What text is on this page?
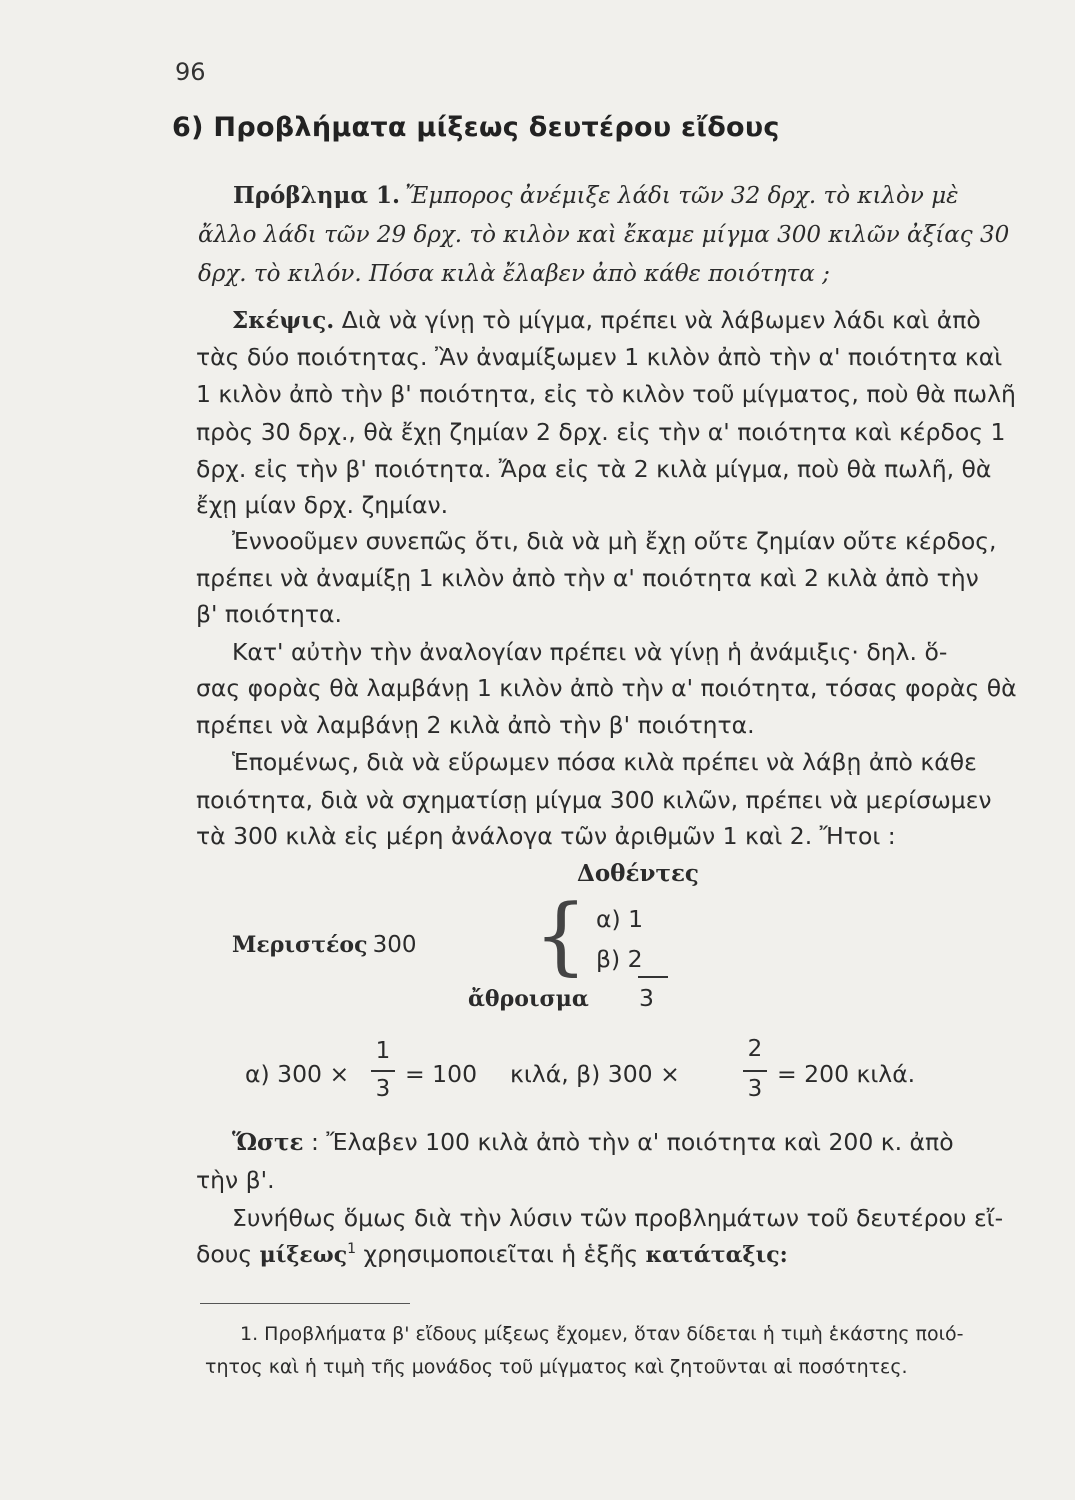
96
6) Προβλήματα μίξεως δευτέρου εἴδους
Πρόβλημα 1. Ἔμπορος ἀνέμιξε λάδι τῶν 32 δρχ. τὸ κιλὸν μὲ
ἄλλο λάδι τῶν 29 δρχ. τὸ κιλὸν καὶ ἔκαμε μίγμα 300 κιλῶν ἀξίας 30
δρχ. τὸ κιλόν. Πόσα κιλὰ ἔλαβεν ἀπὸ κάθε ποιότητα ;
Σκέψις. Διὰ νὰ γίνῃ τὸ μίγμα, πρέπει νὰ λάβωμεν λάδι καὶ ἀπὸ
τὰς δύο ποιότητας. Ἂν ἀναμίξωμεν 1 κιλὸν ἀπὸ τὴν α' ποιότητα καὶ
1 κιλὸν ἀπὸ τὴν β' ποιότητα, εἰς τὸ κιλὸν τοῦ μίγματος, ποὺ θὰ πωλῆ
πρὸς 30 δρχ., θὰ ἔχῃ ζημίαν 2 δρχ. εἰς τὴν α' ποιότητα καὶ κέρδος 1
δρχ. εἰς τὴν β' ποιότητα. Ἄρα εἰς τὰ 2 κιλὰ μίγμα, ποὺ θὰ πωλῆ, θὰ
ἔχῃ μίαν δρχ. ζημίαν.
Ἐννοοῦμεν συνεπῶς ὅτι, διὰ νὰ μὴ ἔχῃ οὔτε ζημίαν οὔτε κέρδος,
πρέπει νὰ ἀναμίξῃ 1 κιλὸν ἀπὸ τὴν α' ποιότητα καὶ 2 κιλὰ ἀπὸ τὴν
β' ποιότητα.
Κατ' αὐτὴν τὴν ἀναλογίαν πρέπει νὰ γίνῃ ἡ ἀνάμιξις· δηλ. ὅ-
σας φορὰς θὰ λαμβάνῃ 1 κιλὸν ἀπὸ τὴν α' ποιότητα, τόσας φορὰς θὰ
πρέπει νὰ λαμβάνῃ 2 κιλὰ ἀπὸ τὴν β' ποιότητα.
Ἑπομένως, διὰ νὰ εὕρωμεν πόσα κιλὰ πρέπει νὰ λάβῃ ἀπὸ κάθε
ποιότητα, διὰ νὰ σχηματίσῃ μίγμα 300 κιλῶν, πρέπει νὰ μερίσωμεν
τὰ 300 κιλὰ εἰς μέρη ἀνάλογα τῶν ἀριθμῶν 1 καὶ 2. Ἤτοι :
Δοθέντες
Μεριστέος 300 { α) 1
β) 2
ἄθροισμα 3
α) 300 ×
1
3
= 100 κιλά, β) 300 ×
2
3
= 200 κιλά.
Ὥστε : Ἔλαβεν 100 κιλὰ ἀπὸ τὴν α' ποιότητα καὶ 200 κ. ἀπὸ
τὴν β'.
Συνήθως ὅμως διὰ τὴν λύσιν τῶν προβλημάτων τοῦ δευτέρου εἴ-
δους μίξεως$^1$ χρησιμοποιεῖται ἡ ἑξῆς κατάταξις:
1. Προβλήματα β' εἴδους μίξεως ἔχομεν, ὅταν δίδεται ἡ τιμὴ ἑκάστης ποιό-
τητος καὶ ἡ τιμὴ τῆς μονάδος τοῦ μίγματος καὶ ζητοῦνται αἱ ποσότητες.
